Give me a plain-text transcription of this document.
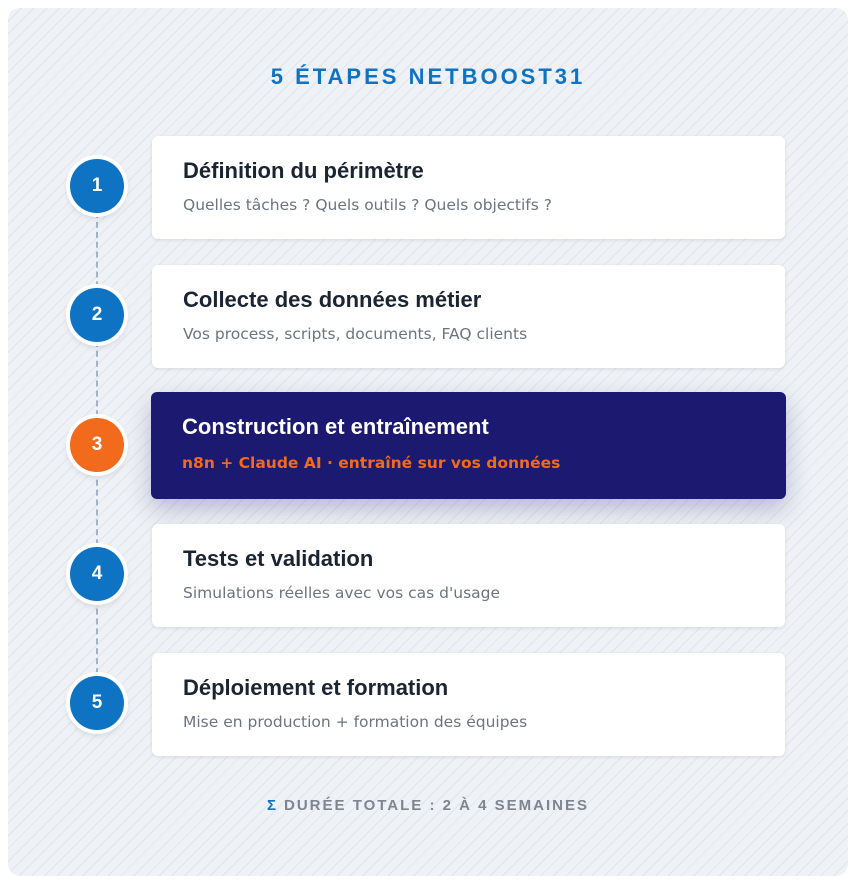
5 ÉTAPES NETBOOST31
1
Définition du périmètre

Quelles tâches ? Quels outils ? Quels objectifs ?

2
Collecte des données métier

Vos process, scripts, documents, FAQ clients

3
Construction et entraînement

n8n + Claude AI · entraîné sur vos données

4
Tests et validation

Simulations réelles avec vos cas d'usage

5
Déploiement et formation

Mise en production + formation des équipes

Σ DURÉE TOTALE : 2 À 4 SEMAINES
